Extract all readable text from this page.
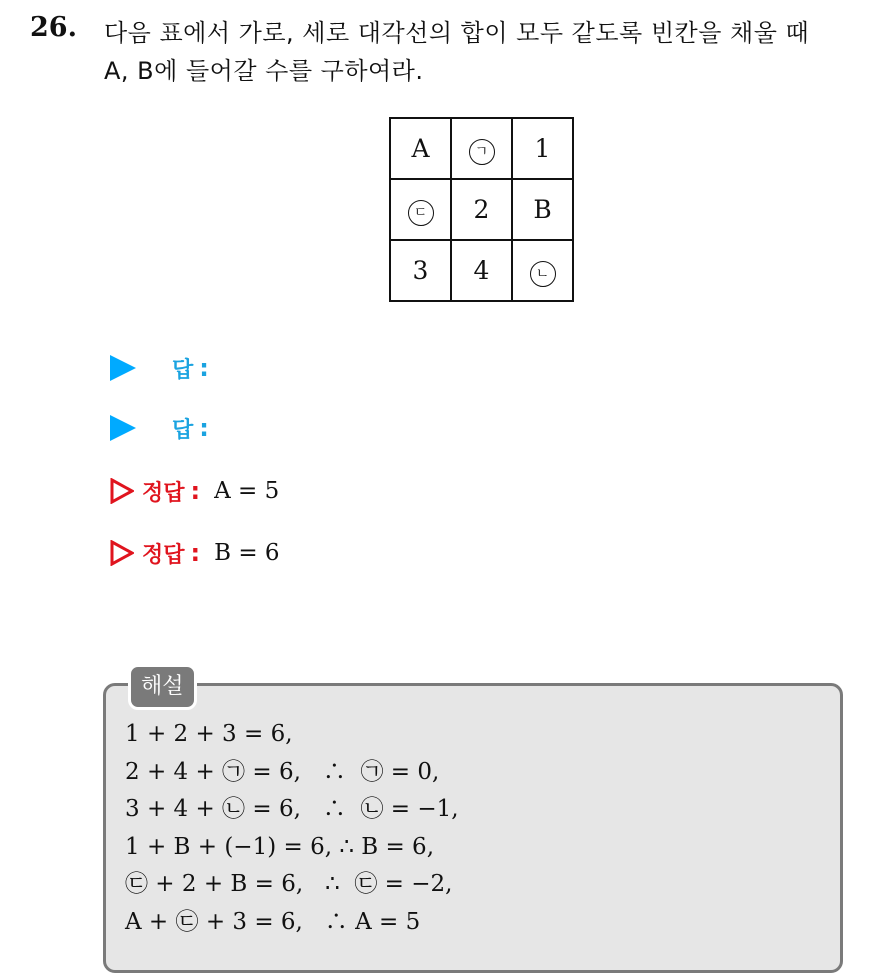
26. 다음 표에서 가로, 세로 대각선의 합이 모두 같도록 빈칸을 채울 때
A, B에 들어갈 수를 구하여라.
A	ㄱ	1
ㄷ	2	B
3	4	ㄴ
답 :
답 :
정답 : A = 5
정답 : B = 6
해설
1 + 2 + 3 = 6,
2 + 4 + ㉠ = 6,   ∴  ㉠ = 0,
3 + 4 + ㉡ = 6,   ∴  ㉡ = −1,
1 + B + (−1) = 6, ∴ B = 6,
㉢ + 2 + B = 6,   ∴  ㉢ = −2,
A + ㉢ + 3 = 6,   ∴ A = 5
